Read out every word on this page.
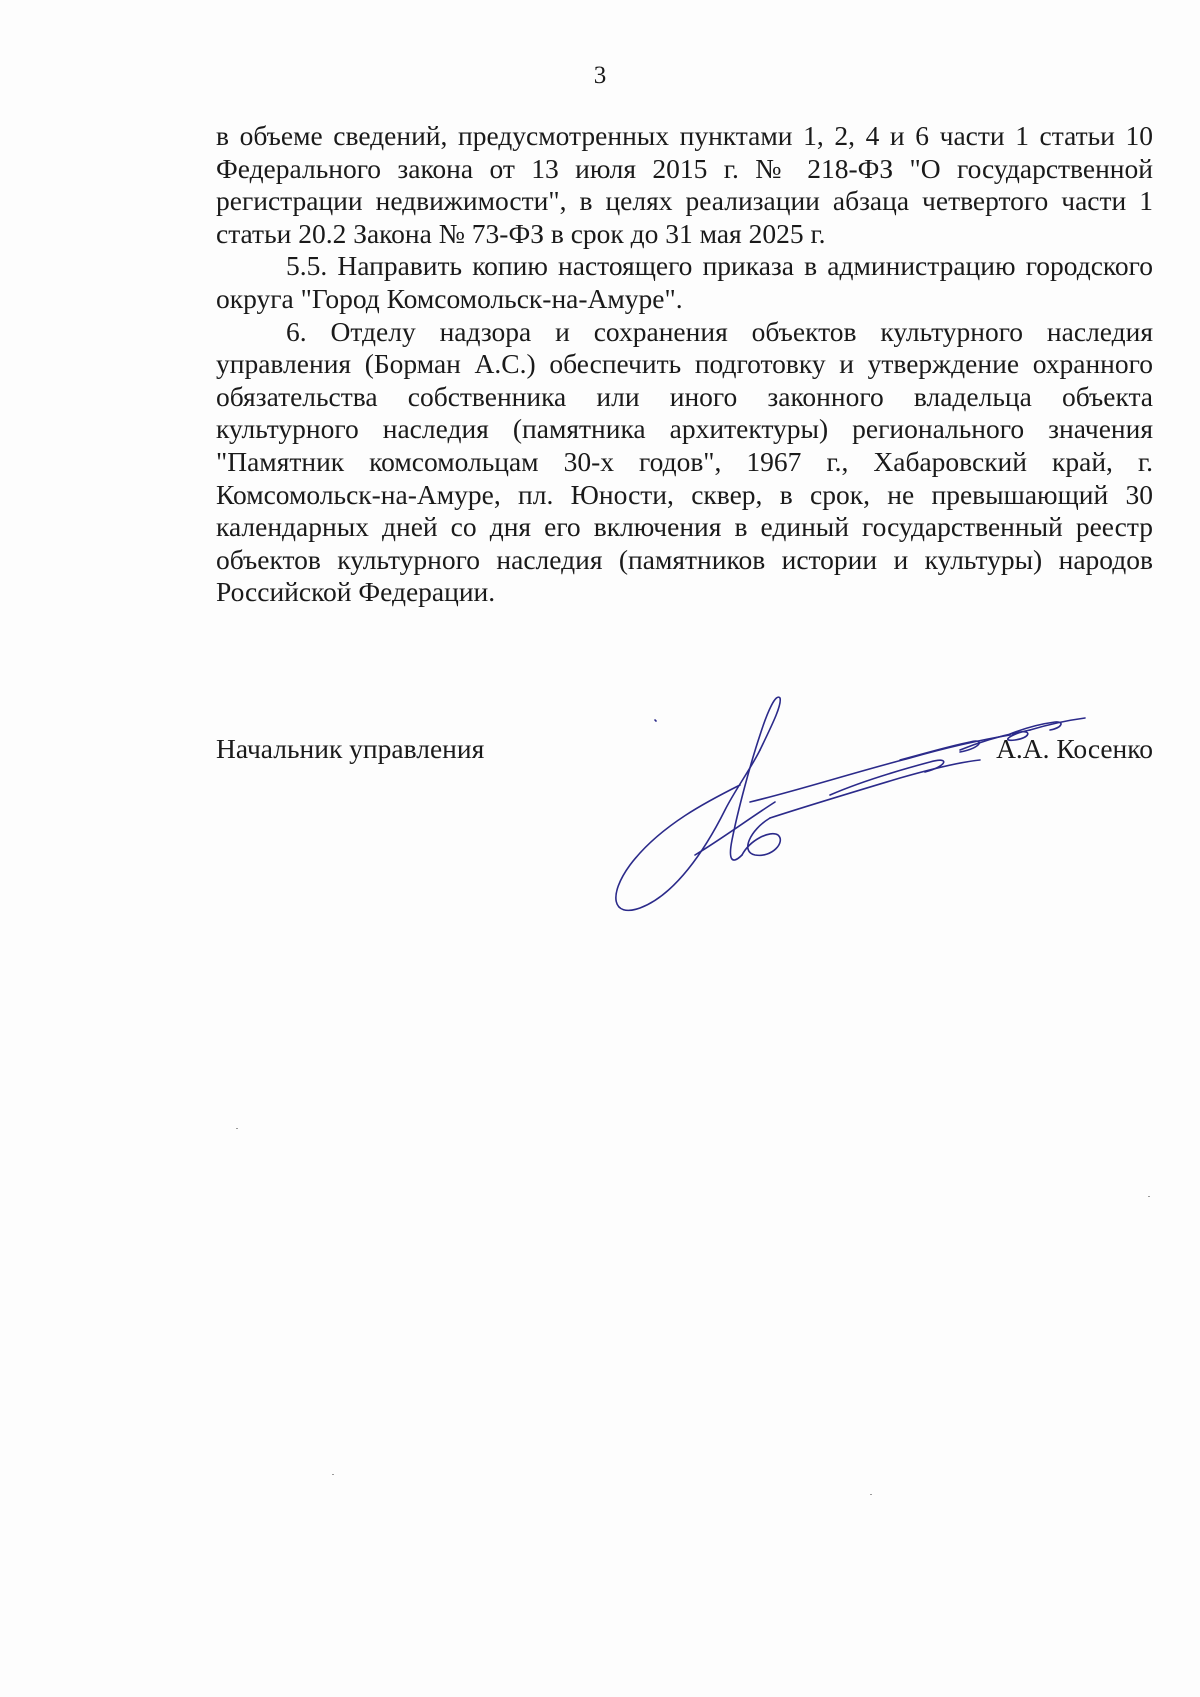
3

в объеме сведений, предусмотренных пунктами 1, 2, 4 и 6 части 1 статьи 10 Федерального закона от 13 июля 2015 г. № 218-ФЗ "О государственной регистрации недвижимости", в целях реализации абзаца четвертого части 1 статьи 20.2 Закона № 73-ФЗ в срок до 31 мая 2025 г.

5.5. Направить копию настоящего приказа в администрацию городского округа "Город Комсомольск-на-Амуре".

6. Отделу надзора и сохранения объектов культурного наследия управления (Борман А.С.) обеспечить подготовку и утверждение охранного обязательства собственника или иного законного владельца объекта культурного наследия (памятника архитектуры) регионального значения "Памятник комсомольцам 30-х годов", 1967 г., Хабаровский край, г. Комсомольск-на-Амуре, пл. Юности, сквер, в срок, не превышающий 30 календарных дней со дня его включения в единый государственный реестр объектов культурного наследия (памятников истории и культуры) народов Российской Федерации.

Начальник управления	А.А. Косенко
